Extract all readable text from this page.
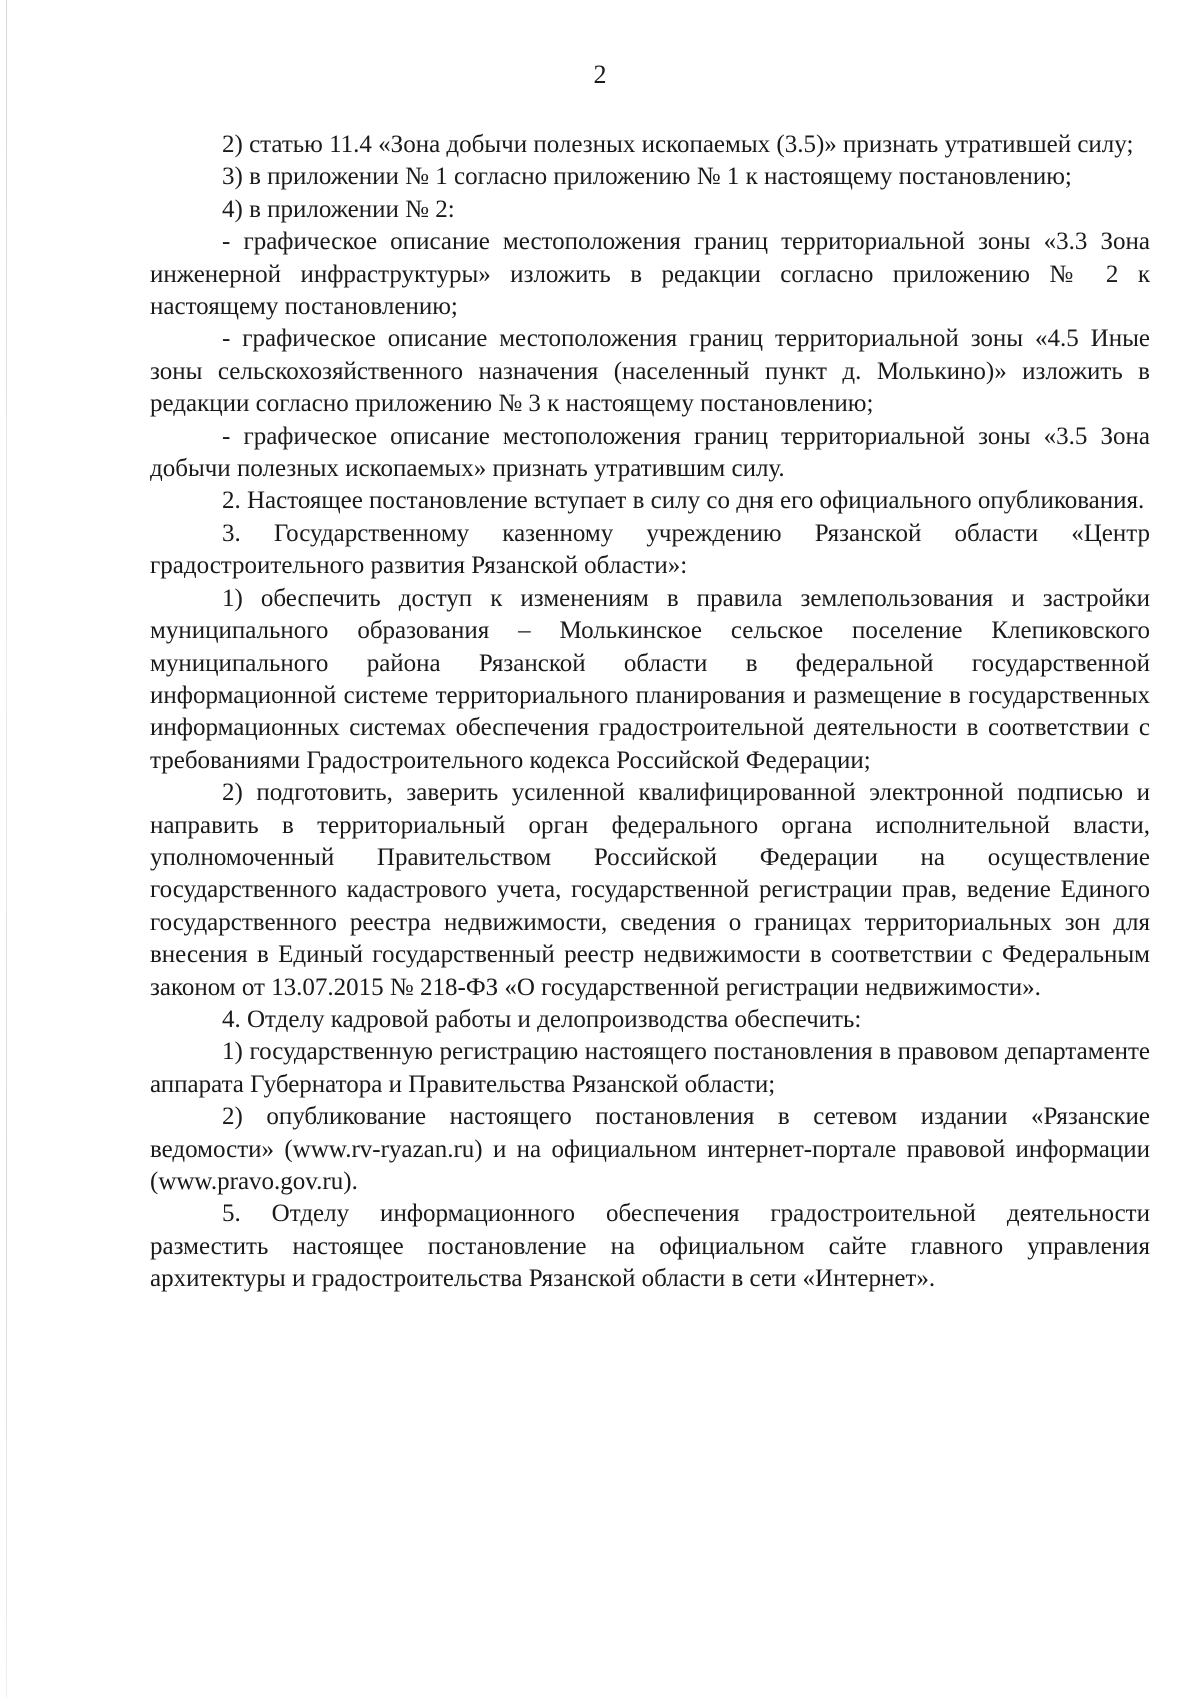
2

2) статью 11.4 «Зона добычи полезных ископаемых (3.5)» признать утратившей силу;

3) в приложении № 1 согласно приложению № 1 к настоящему постановлению;

4) в приложении № 2:

- графическое описание местоположения границ территориальной зоны «3.3 Зона инженерной инфраструктуры» изложить в редакции согласно приложению № 2 к настоящему постановлению;

- графическое описание местоположения границ территориальной зоны «4.5 Иные зоны сельскохозяйственного назначения (населенный пункт д. Молькино)» изложить в редакции согласно приложению № 3 к настоящему постановлению;

- графическое описание местоположения границ территориальной зоны «3.5 Зона добычи полезных ископаемых» признать утратившим силу.

2. Настоящее постановление вступает в силу со дня его официального опубликования.

3. Государственному казенному учреждению Рязанской области «Центр градостроительного развития Рязанской области»:

1) обеспечить доступ к изменениям в правила землепользования и застройки муниципального образования – Молькинское сельское поселение Клепиковского муниципального района Рязанской области в федеральной государственной информационной системе территориального планирования и размещение в государственных информационных системах обеспечения градостроительной деятельности в соответствии с требованиями Градостроительного кодекса Российской Федерации;

2) подготовить, заверить усиленной квалифицированной электронной подписью и направить в территориальный орган федерального органа исполнительной власти, уполномоченный Правительством Российской Федерации на осуществление государственного кадастрового учета, государственной регистрации прав, ведение Единого государственного реестра недвижимости, сведения о границах территориальных зон для внесения в Единый государственный реестр недвижимости в соответствии с Федеральным законом от 13.07.2015 № 218-ФЗ «О государственной регистрации недвижимости».

4. Отделу кадровой работы и делопроизводства обеспечить:

1) государственную регистрацию настоящего постановления в правовом департаменте аппарата Губернатора и Правительства Рязанской области;

2) опубликование настоящего постановления в сетевом издании «Рязанские ведомости» (www.rv-ryazan.ru) и на официальном интернет-портале правовой информации (www.pravo.gov.ru).

5. Отделу информационного обеспечения градостроительной деятельности разместить настоящее постановление на официальном сайте главного управления архитектуры и градостроительства Рязанской области в сети «Интернет».
